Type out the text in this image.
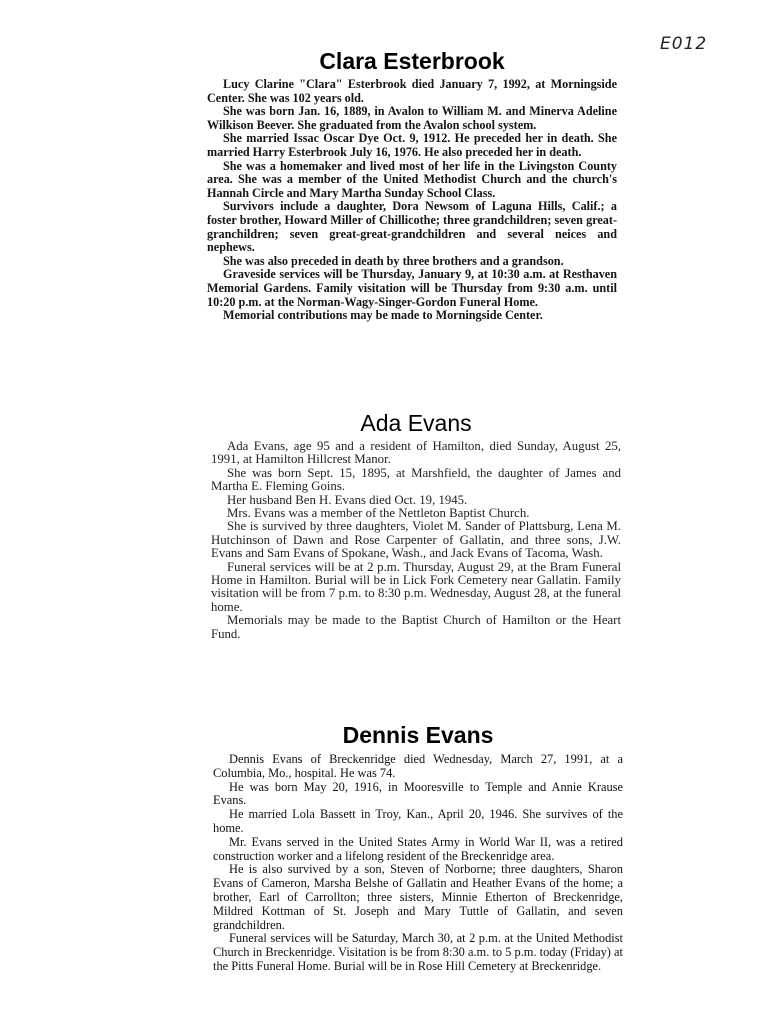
E012
Clara Esterbrook

Lucy Clarine "Clara" Esterbrook died January 7, 1992, at Morningside Center. She was 102 years old.

She was born Jan. 16, 1889, in Avalon to William M. and Minerva Adeline Wilkison Beever. She graduated from the Avalon school system.

She married Issac Oscar Dye Oct. 9, 1912. He preceded her in death. She married Harry Esterbrook July 16, 1976. He also preceded her in death.

She was a homemaker and lived most of her life in the Livingston County area. She was a member of the United Methodist Church and the church's Hannah Circle and Mary Martha Sunday School Class.

Survivors include a daughter, Dora Newsom of Laguna Hills, Calif.; a foster brother, Howard Miller of Chillicothe; three grandchildren; seven great-granchildren; seven great-great-grandchildren and several neices and nephews.

She was also preceded in death by three brothers and a grandson.

Graveside services will be Thursday, January 9, at 10:30 a.m. at Resthaven Memorial Gardens. Family visitation will be Thursday from 9:30 a.m. until 10:20 p.m. at the Norman-Wagy-Singer-Gordon Funeral Home.

Memorial contributions may be made to Morningside Center.

Ada Evans

Ada Evans, age 95 and a resident of Hamilton, died Sunday, August 25, 1991, at Hamilton Hillcrest Manor.

She was born Sept. 15, 1895, at Marshfield, the daughter of James and Martha E. Fleming Goins.

Her husband Ben H. Evans died Oct. 19, 1945.

Mrs. Evans was a member of the Nettleton Baptist Church.

She is survived by three daughters, Violet M. Sander of Plattsburg, Lena M. Hutchinson of Dawn and Rose Carpenter of Gallatin, and three sons, J.W. Evans and Sam Evans of Spokane, Wash., and Jack Evans of Tacoma, Wash.

Funeral services will be at 2 p.m. Thursday, August 29, at the Bram Funeral Home in Hamilton. Burial will be in Lick Fork Cemetery near Gallatin. Family visitation will be from 7 p.m. to 8:30 p.m. Wednesday, August 28, at the funeral home.

Memorials may be made to the Baptist Church of Hamilton or the Heart Fund.

Dennis Evans

Dennis Evans of Breckenridge died Wednesday, March 27, 1991, at a Columbia, Mo., hospital. He was 74.

He was born May 20, 1916, in Mooresville to Temple and Annie Krause Evans.

He married Lola Bassett in Troy, Kan., April 20, 1946. She survives of the home.

Mr. Evans served in the United States Army in World War II, was a retired construction worker and a lifelong resident of the Breckenridge area.

He is also survived by a son, Steven of Norborne; three daughters, Sharon Evans of Cameron, Marsha Belshe of Gallatin and Heather Evans of the home; a brother, Earl of Carrollton; three sisters, Minnie Etherton of Breckenridge, Mildred Kottman of St. Joseph and Mary Tuttle of Gallatin, and seven grandchildren.

Funeral services will be Saturday, March 30, at 2 p.m. at the United Methodist Church in Breckenridge. Visitation is be from 8:30 a.m. to 5 p.m. today (Friday) at the Pitts Funeral Home. Burial will be in Rose Hill Cemetery at Breckenridge.
